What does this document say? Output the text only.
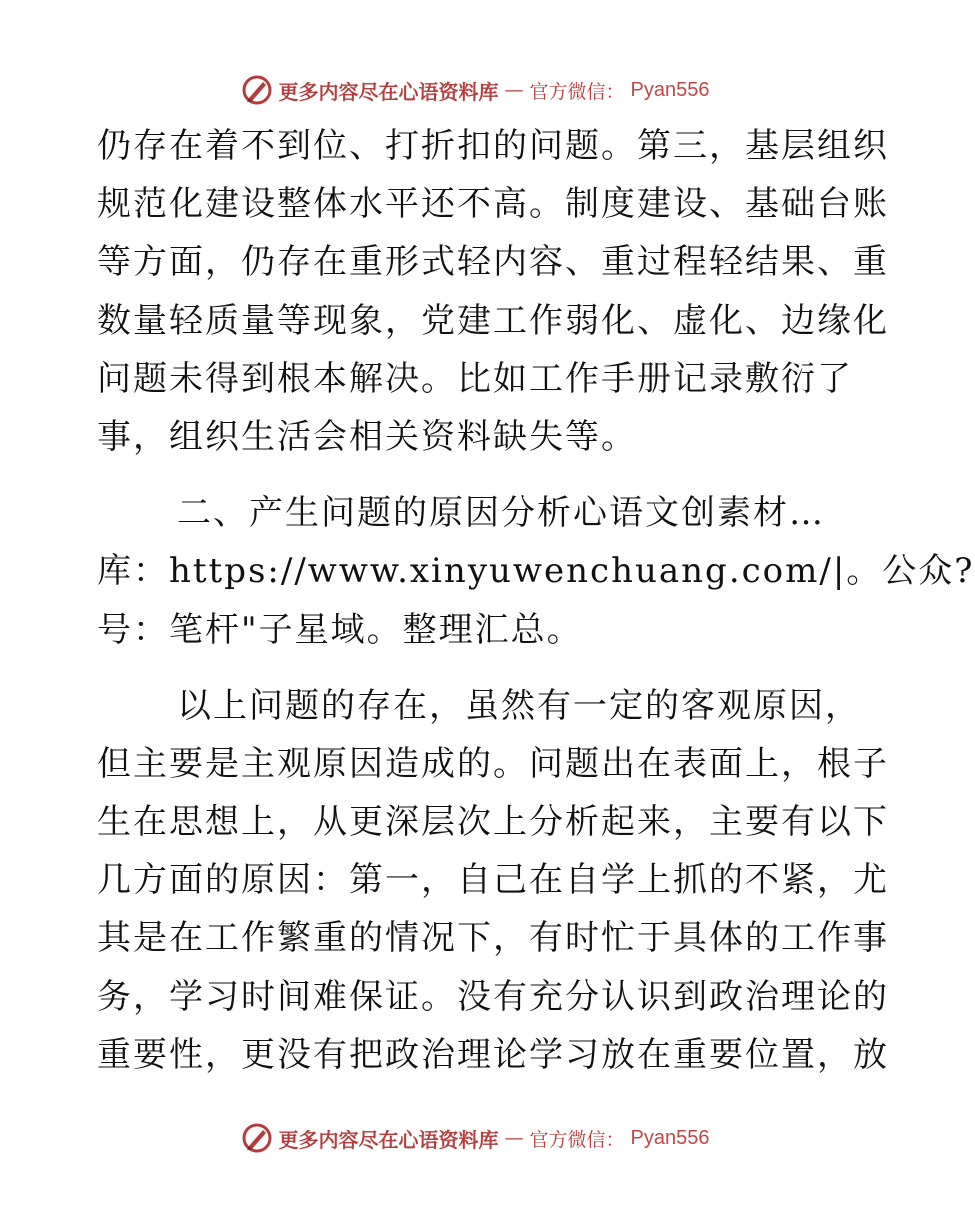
更多内容尽在心语资料库 — 官方微信： Pyan556
仍存在着不到位、打折扣的问题。第三，基层组织
规范化建设整体水平还不高。制度建设、基础台账
等方面，仍存在重形式轻内容、重过程轻结果、重
数量轻质量等现象，党建工作弱化、虚化、边缘化
问题未得到根本解决。比如工作手册记录敷衍了
事，组织生活会相关资料缺失等。
二、产生问题的原因分析心语文创素材…
库：https://www.xinyuwenchuang.com/|。公众?
号：笔杆"子星域。整理汇总。
以上问题的存在，虽然有一定的客观原因，
但主要是主观原因造成的。问题出在表面上，根子
生在思想上，从更深层次上分析起来，主要有以下
几方面的原因：第一，自己在自学上抓的不紧，尤
其是在工作繁重的情况下，有时忙于具体的工作事
务，学习时间难保证。没有充分认识到政治理论的
重要性，更没有把政治理论学习放在重要位置，放
更多内容尽在心语资料库 — 官方微信： Pyan556
